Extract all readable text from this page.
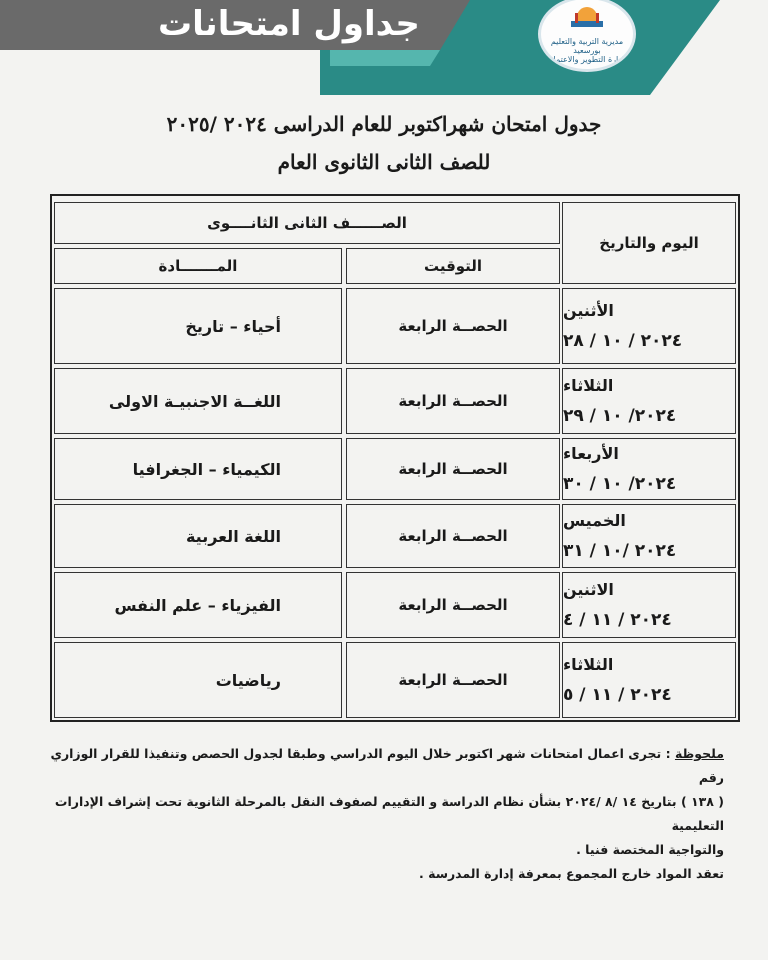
جداول امتحانات	مديرية التربية والتعليم بورسعيد
إدارة التطوير والاعتماد
جدول امتحان شهراكتوبر للعام الدراسى ٢٠٢٤ /٢٠٢٥
للصف الثانى الثانوى العام
اليوم والتاريخ
الصــــــف الثانى الثانــــوى
التوقيت
المـــــــادة
الأثنين
٢٠٢٤ / ١٠ / ٢٨
الحصــة الرابعة
أحياء – تاريخ
الثلاثاء
٢٠٢٤/ ١٠ / ٢٩
الحصــة الرابعة
اللغــة الاجنبيـة الاولى
الأربعاء
٢٠٢٤/ ١٠ / ٣٠
الحصــة الرابعة
الكيمياء – الجغرافيا
الخميس
٢٠٢٤ /١٠ / ٣١
الحصــة الرابعة
اللغة العربية
الاثنين
٢٠٢٤ / ١١ / ٤
الحصــة الرابعة
الفيزياء – علم النفس
الثلاثاء
٢٠٢٤ / ١١ / ٥
الحصــة الرابعة
رياضيات
ملحوظة : تجرى اعمال امتحانات شهر اكتوبر خلال اليوم الدراسي وطبقا لجدول الحصص وتنفيذا للقرار الوزاري رقم
( ١٣٨ ) بتاريخ ١٤ /٨ /٢٠٢٤ بشأن نظام الدراسة و التقييم لصفوف النقل بالمرحلة الثانوية تحت إشراف الإدارات التعليمية
والتواجية المختصة فنيا .
تعقد المواد خارج المجموع بمعرفة إدارة المدرسة .
